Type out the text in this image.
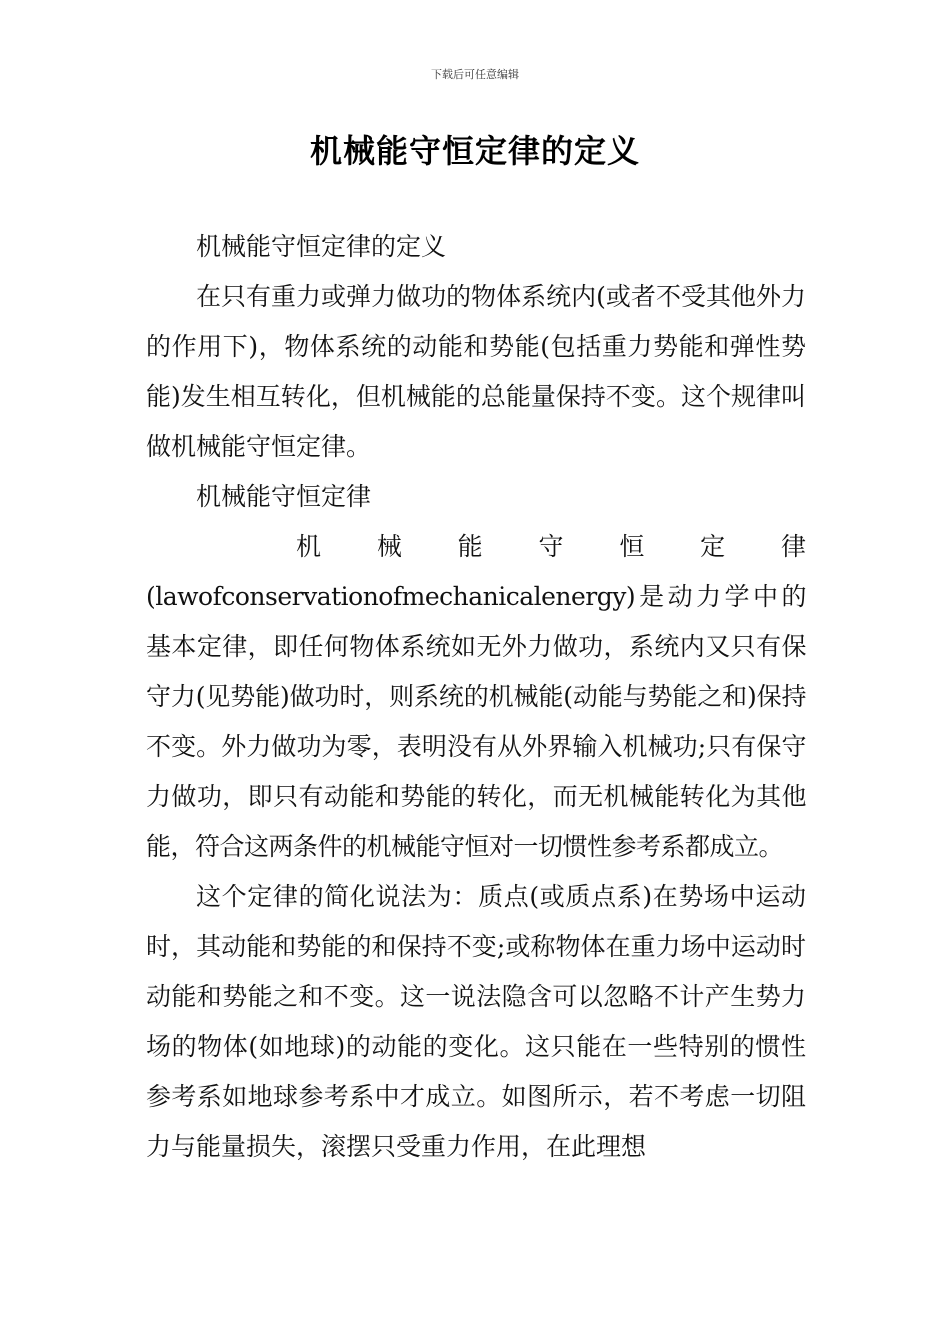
下载后可任意编辑
机械能守恒定律的定义

机械能守恒定律的定义

在只有重力或弹力做功的物体系统内(或者不受其他外力的作用下)，物体系统的动能和势能(包括重力势能和弹性势能)发生相互转化，但机械能的总能量保持不变。这个规律叫做机械能守恒定律。

机械能守恒定律

机 械 能 守 恒 定 律

(lawofconservationofmechanicalenergy)是动力学中的基本定律，即任何物体系统如无外力做功，系统内又只有保守力(见势能)做功时，则系统的机械能(动能与势能之和)保持不变。外力做功为零，表明没有从外界输入机械功;只有保守力做功，即只有动能和势能的转化，而无机械能转化为其他能，符合这两条件的机械能守恒对一切惯性参考系都成立。

这个定律的简化说法为：质点(或质点系)在势场中运动时，其动能和势能的和保持不变;或称物体在重力场中运动时动能和势能之和不变。这一说法隐含可以忽略不计产生势力场的物体(如地球)的动能的变化。这只能在一些特别的惯性参考系如地球参考系中才成立。如图所示，若不考虑一切阻力与能量损失，滚摆只受重力作用，在此理想
